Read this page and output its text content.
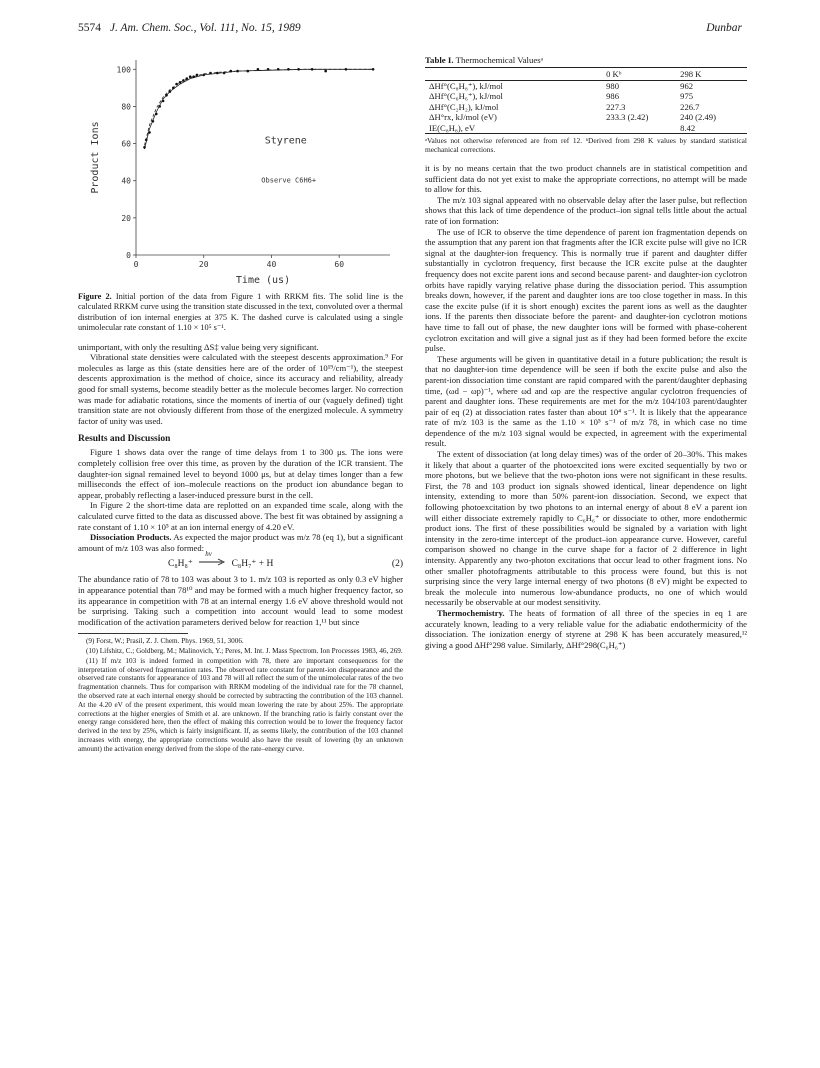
5574 J. Am. Chem. Soc., Vol. 111, No. 15, 1989	Dunbar
0
20
40
60
80
100
0	20	40	60
Time (us)
Product Ions	Styrene
Observe C6H6+
Figure 2. Initial portion of the data from Figure 1 with RRKM fits. The solid line is the calculated RRKM curve using the transition state discussed in the text, convoluted over a thermal distribution of ion internal energies at 375 K. The dashed curve is calculated using a single unimolecular rate constant of 1.10 × 10⁵ s⁻¹.

unimportant, with only the resulting ΔS‡ value being very significant.

Vibrational state densities were calculated with the steepest descents approximation.⁹ For molecules as large as this (state densities here are of the order of 10¹⁹/cm⁻¹), the steepest descents approximation is the method of choice, since its accuracy and reliability, already good for small systems, become steadily better as the molecule becomes larger. No correction was made for adiabatic rotations, since the moments of inertia of our (vaguely defined) tight transition state are not obviously different from those of the energized molecule. A symmetry factor of unity was used.

Results and Discussion

Figure 1 shows data over the range of time delays from 1 to 300 μs. The ions were completely collision free over this time, as proven by the duration of the ICR transient. The daughter-ion signal remained level to beyond 1000 μs, but at delay times longer than a few milliseconds the effect of ion–molecule reactions on the product ion abundance began to appear, probably reflecting a laser-induced pressure burst in the cell.

In Figure 2 the short-time data are replotted on an expanded time scale, along with the calculated curve fitted to the data as discussed above. The best fit was obtained by assigning a rate constant of 1.10 × 10⁵ at an ion internal energy of 4.20 eV.

Dissociation Products. As expected the major product was m/z 78 (eq 1), but a significant amount of m/z 103 was also formed:

C₈H₈⁺
hν
C₈H₇⁺ + H	(2)

The abundance ratio of 78 to 103 was about 3 to 1. m/z 103 is reported as only 0.3 eV higher in appearance potential than 78¹⁰ and may be formed with a much higher frequency factor, so its appearance in competition with 78 at an internal energy 1.6 eV above threshold would not be surprising. Taking such a competition into account would lead to some modest modification of the activation parameters derived below for reaction 1,¹¹ but since

(9) Forst, W.; Prasil, Z. J. Chem. Phys. 1969, 51, 3006.

(10) Lifshitz, C.; Goldberg, M.; Malinovich, Y.; Peres, M. Int. J. Mass Spectrom. Ion Processes 1983, 46, 269.

(11) If m/z 103 is indeed formed in competition with 78, there are important consequences for the interpretation of observed fragmentation rates. The observed rate constant for parent-ion disappearance and the observed rate constants for appearance of 103 and 78 will all reflect the sum of the unimolecular rates of the two fragmentation channels. Thus for comparison with RRKM modeling of the individual rate for the 78 channel, the observed rate at each internal energy should be corrected by subtracting the contribution of the 103 channel. At the 4.20 eV of the present experiment, this would mean lowering the rate by about 25%. The appropriate corrections at the higher energies of Smith et al. are unknown. If the branching ratio is fairly constant over the energy range considered here, then the effect of making this correction would be to lower the frequency factor derived in the text by 25%, which is fairly insignificant. If, as seems likely, the contribution of the 103 channel increases with energy, the appropriate corrections would also have the result of lowering (by an unknown amount) the activation energy derived from the slope of the rate–energy curve.

Table I. Thermochemical Valuesᵃ
	0 Kᵇ	298 K
ΔHf°(C₈H₈⁺), kJ/mol	980	962
ΔHf°(C₆H₆⁺), kJ/mol	986	975
ΔHf°(C₂H₂), kJ/mol	227.3	226.7
ΔH°rx, kJ/mol (eV)	233.3 (2.42)	240 (2.49)
IE(C₈H₈), eV		8.42
ᵃValues not otherwise referenced are from ref 12. ᵇDerived from 298 K values by standard statistical mechanical corrections.

it is by no means certain that the two product channels are in statistical competition and sufficient data do not yet exist to make the appropriate corrections, no attempt will be made to allow for this.

The m/z 103 signal appeared with no observable delay after the laser pulse, but reflection shows that this lack of time dependence of the product–ion signal tells little about the actual rate of ion formation:

The use of ICR to observe the time dependence of parent ion fragmentation depends on the assumption that any parent ion that fragments after the ICR excite pulse will give no ICR signal at the daughter-ion frequency. This is normally true if parent and daughter differ substantially in cyclotron frequency, first because the ICR excite pulse at the daughter frequency does not excite parent ions and second because parent- and daughter-ion cyclotron orbits have rapidly varying relative phase during the dissociation period. This assumption breaks down, however, if the parent and daughter ions are too close together in mass. In this case the excite pulse (if it is short enough) excites the parent ions as well as the daughter ions. If the parents then dissociate before the parent- and daughter-ion cyclotron motions have time to fall out of phase, the new daughter ions will be formed with phase-coherent cyclotron excitation and will give a signal just as if they had been formed before the excite pulse.

These arguments will be given in quantitative detail in a future publication; the result is that no daughter-ion time dependence will be seen if both the excite pulse and also the parent-ion dissociation time constant are rapid compared with the parent/daughter dephasing time, (ωd − ωp)⁻¹, where ωd and ωp are the respective angular cyclotron frequencies of parent and daughter ions. These requirements are met for the m/z 104/103 parent/daughter pair of eq (2) at dissociation rates faster than about 10⁴ s⁻¹. It is likely that the appearance rate of m/z 103 is the same as the 1.10 × 10⁵ s⁻¹ of m/z 78, in which case no time dependence of the m/z 103 signal would be expected, in agreement with the experimental result.

The extent of dissociation (at long delay times) was of the order of 20–30%. This makes it likely that about a quarter of the photoexcited ions were excited sequentially by two or more photons, but we believe that the two-photon ions were not significant in these results. First, the 78 and 103 product ion signals showed identical, linear dependence on light intensity, extending to more than 50% parent-ion dissociation. Second, we expect that following photoexcitation by two photons to an internal energy of about 8 eV a parent ion will either dissociate extremely rapidly to C₆H₆⁺ or dissociate to other, more endothermic product ions. The first of these possibilities would be signaled by a variation with light intensity in the zero-time intercept of the product–ion appearance curve. However, careful comparison showed no change in the curve shape for a factor of 2 difference in light intensity. Apparently any two-photon excitations that occur lead to other fragment ions. No other smaller photofragments attributable to this process were found, but this is not surprising since the very large internal energy of two photons (8 eV) might be expected to break the molecule into numerous low-abundance products, no one of which would necessarily be observable at our modest sensitivity.

Thermochemistry. The heats of formation of all three of the species in eq 1 are accurately known, leading to a very reliable value for the adiabatic endothermicity of the dissociation. The ionization energy of styrene at 298 K has been accurately measured,¹² giving a good ΔHf°298 value. Similarly, ΔHf°298(C₆H₆⁺)
